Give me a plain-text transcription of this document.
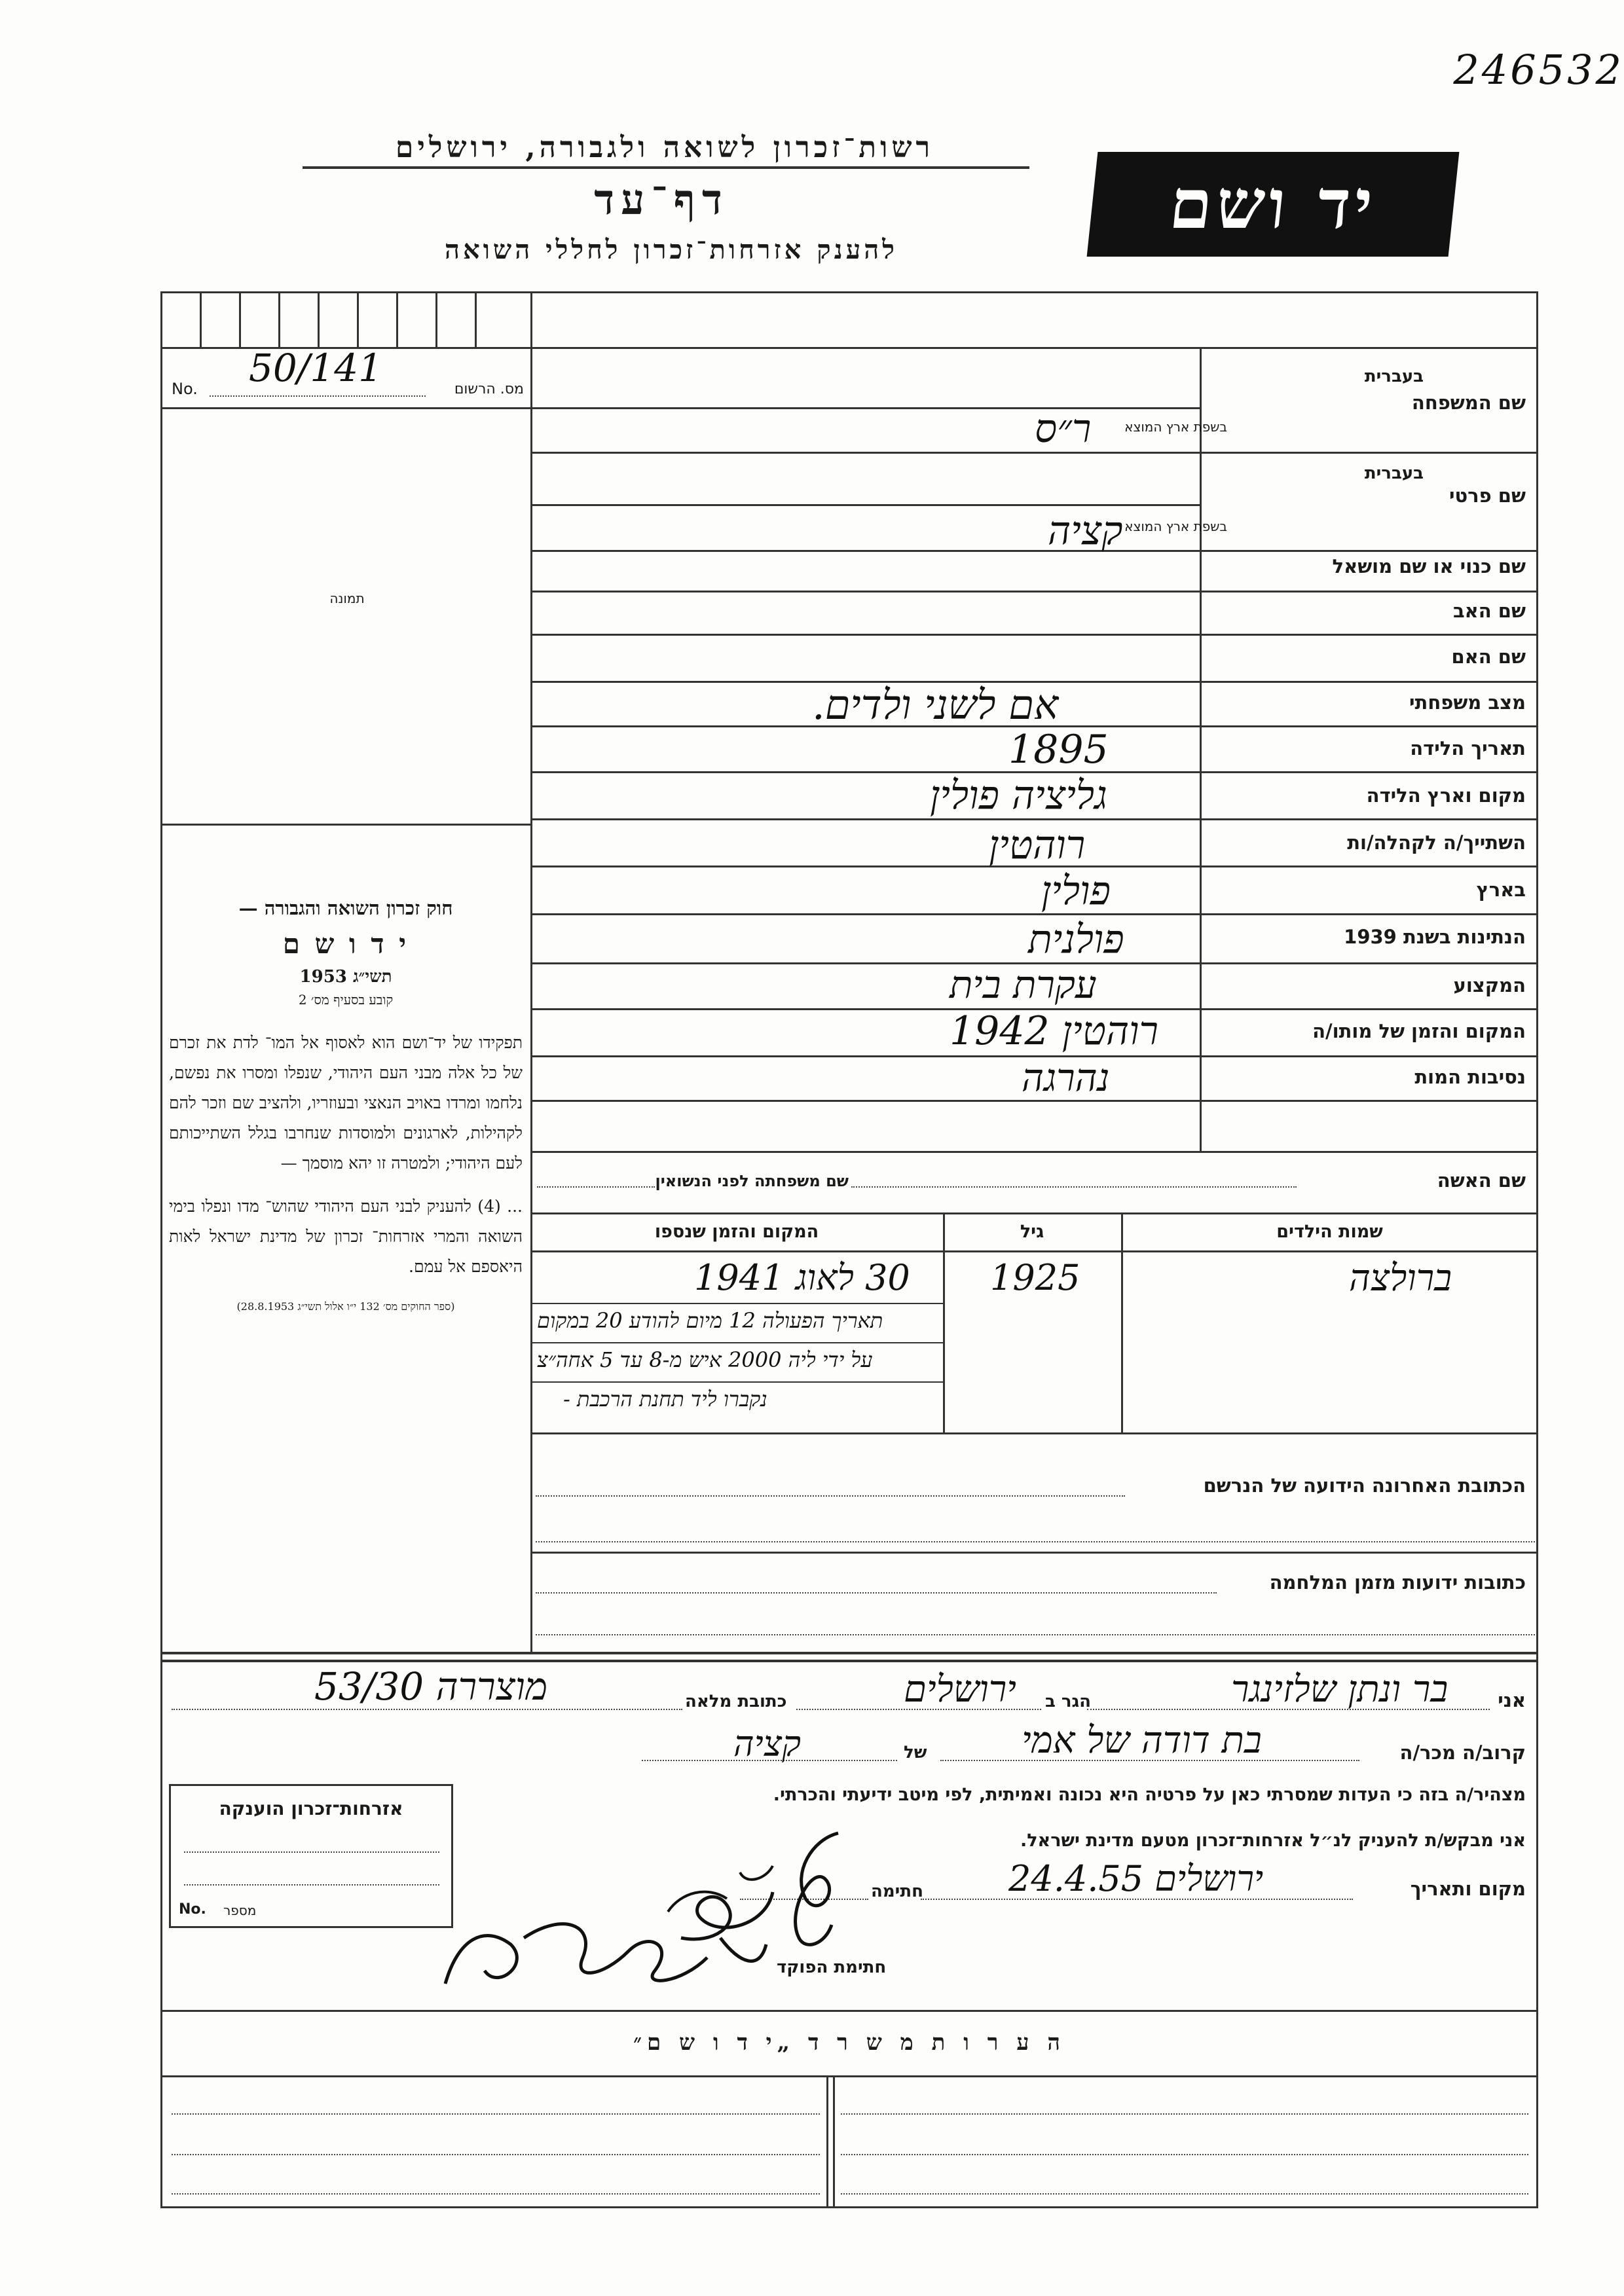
246532
רשות־זכרון לשואה ולגבורה, ירושלים
דף־עד
להענק אזרחות־זכרון לחללי השואה
יד ושם
No. 50/141	מס. הרשום
תמונה
חוק זכרון השואה והגבורה —
י ד ו ש ם
תשי״ג 1953
קובע בסעיף מס׳ 2
תפקידו של יד־ושם הוא לאסוף אל המו־ לדת את זכרם של כל אלה מבני העם היהודי, שנפלו ומסרו את נפשם, נלחמו ומרדו באויב הנאצי ובעוזריו, ולהציב שם וזכר להם לקהילות, לארגונים ולמוסדות שנחרבו בגלל השתייכותם לעם היהודי; ולמטרה זו יהא מוסמך —
... (4) להעניק לבני העם היהודי שהוש־ מדו ונפלו בימי השואה והמרי אזרחות־ זכרון של מדינת ישראל לאות היאספם אל עמם.
(ספר החוקים מס׳ 132 י״ו אלול תשי״ג 28.8.1953)
שם המשפחה
בעברית
בשפת ארץ המוצא
ר״ס
שם פרטי
בעברית
בשפת ארץ המוצא
קציה
שם כנוי או שם מושאל
שם האב
שם האם
מצב משפחתי
אם לשני ולדים.
תאריך הלידה
1895
מקום וארץ הלידה
גליציה פולין
השתייך/ה לקהלה/ות
רוהטין
בארץ
פולין
הנתינות בשנת 1939
פולנית
המקצוע
עקרת בית
המקום והזמן של מותו/ה
רוהטין 1942
נסיבות המות
נהרגה
שם האשה
שם משפחתה לפני הנשואין
שמות הילדים
גיל
המקום והזמן שנספו
ברולצה
1925
30 לאוג 1941
תאריך הפעולה 12 מיום להודע 20 במקום
על ידי ליה 2000 איש מ-8 עד 5 אחה״צ
נקברו ליד תחנת הרכבת -
הכתובת האחרונה הידועה של הנרשם
כתובות ידועות מזמן המלחמה
אני
בר ונתן שלזינגר
הגר ב
ירושלים
כתובת מלאה
מוצררה 53/30
קרוב/ה מכר/ה
בת דודה של אמי
של
קציה
מצהיר/ה בזה כי העדות שמסרתי כאן על פרטיה היא נכונה ואמיתית, לפי מיטב ידיעתי והכרתי.
אני מבקש/ת להעניק לנ״ל אזרחות־זכרון מטעם מדינת ישראל.
מקום ותאריך
ירושלים 24.4.55
חתימה
חתימת הפוקד
אזרחות־זכרון הוענקה
No. מספר
ה ע ר ו ת מ ש ר ד „י ד ו ש ם״
